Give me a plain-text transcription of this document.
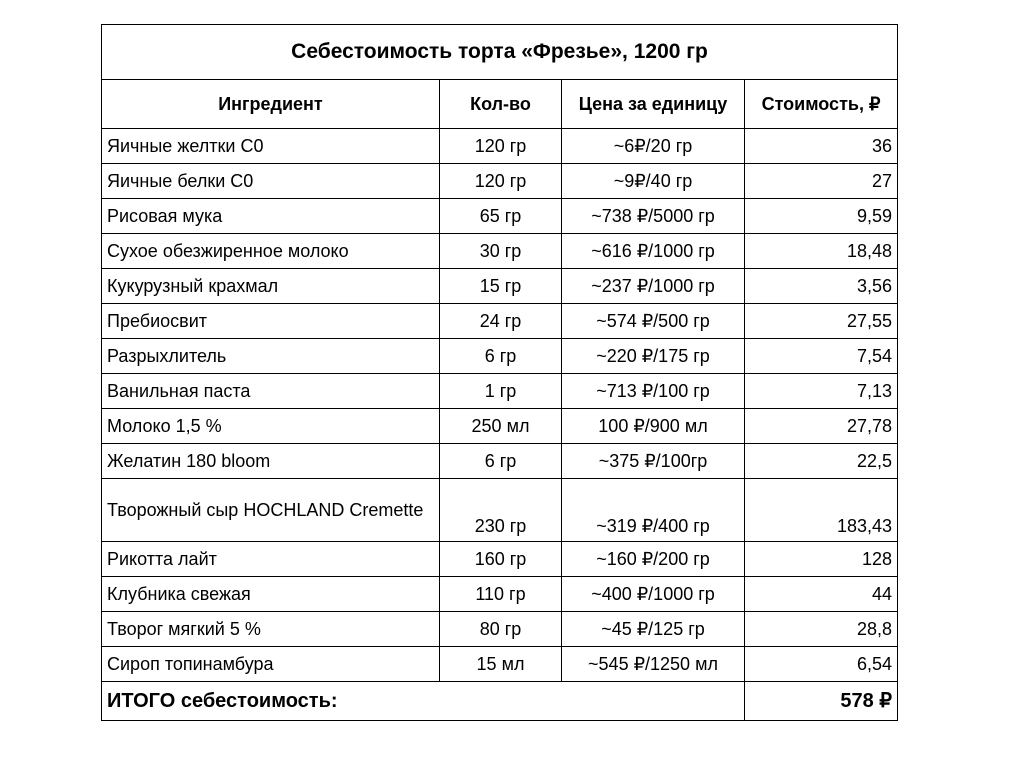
Себестоимость торта «Фрезье», 1200 гр			
Ингредиент	Кол-во	Цена за единицу	Стоимость, ₽
Яичные желтки С0	120 гр	~6₽/20 гр	36
Яичные белки С0	120 гр	~9₽/40 гр	27
Рисовая мука	65 гр	~738 ₽/5000 гр	9,59
Сухое обезжиренное молоко	30 гр	~616 ₽/1000 гр	18,48
Кукурузный крахмал	15 гр	~237 ₽/1000 гр	3,56
Пребиосвит	24 гр	~574 ₽/500 гр	27,55
Разрыхлитель	6 гр	~220 ₽/175 гр	7,54
Ванильная паста	1 гр	~713 ₽/100 гр	7,13
Молоко 1,5 %	250 мл	100 ₽/900 мл	27,78
Желатин 180 bloom	6 гр	~375 ₽/100гр	22,5
Творожный сыр HOCHLAND Cremette	230 гр	~319 ₽/400 гр	183,43
Рикотта лайт	160 гр	~160 ₽/200 гр	128
Клубника свежая	110 гр	~400 ₽/1000 гр	44
Творог мягкий 5 %	80 гр	~45 ₽/125 гр	28,8
Сироп топинамбура	15 мл	~545 ₽/1250 мл	6,54
ИТОГО себестоимость:			578 ₽
